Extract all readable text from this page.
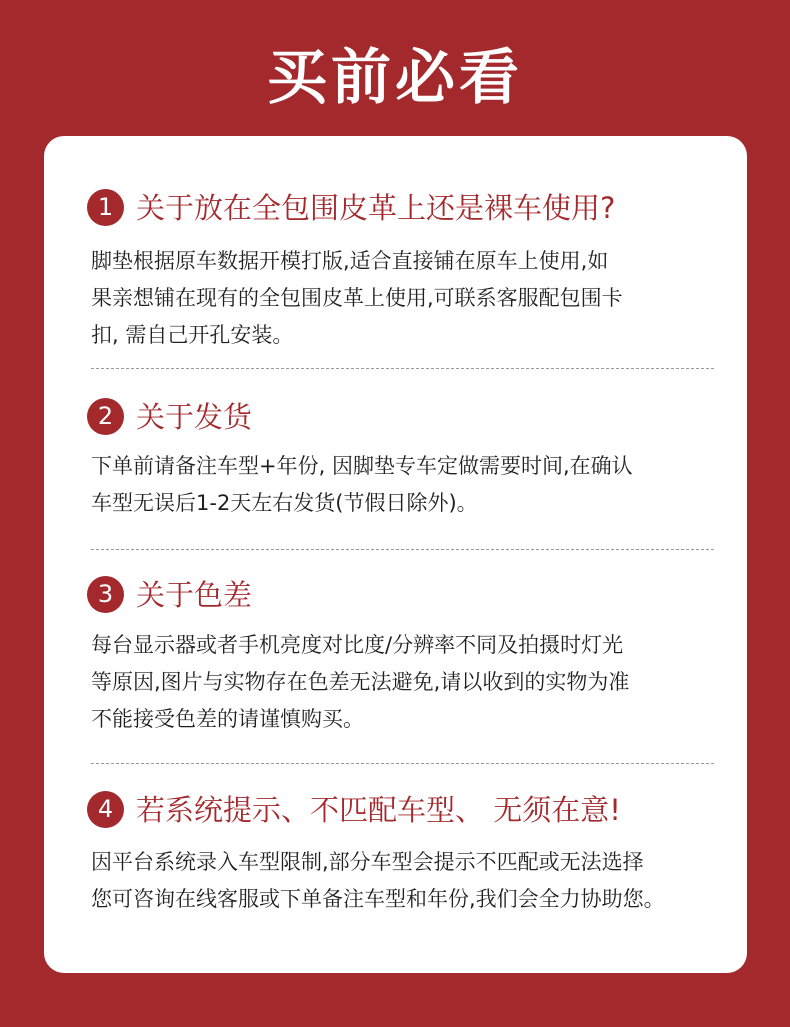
买前必看
1 关于放在全包围皮革上还是裸车使用?
脚垫根据原车数据开模打版,适合直接铺在原车上使用,如
果亲想铺在现有的全包围皮革上使用,可联系客服配包围卡
扣, 需自己开孔安装。
2 关于发货
下单前请备注车型+年份, 因脚垫专车定做需要时间,在确认
车型无误后1-2天左右发货(节假日除外)。
3 关于色差
每台显示器或者手机亮度对比度/分辨率不同及拍摄时灯光
等原因,图片与实物存在色差无法避免,请以收到的实物为准
不能接受色差的请谨慎购买。
4 若系统提示、不匹配车型、 无须在意!
因平台系统录入车型限制,部分车型会提示不匹配或无法选择
您可咨询在线客服或下单备注车型和年份,我们会全力协助您。
